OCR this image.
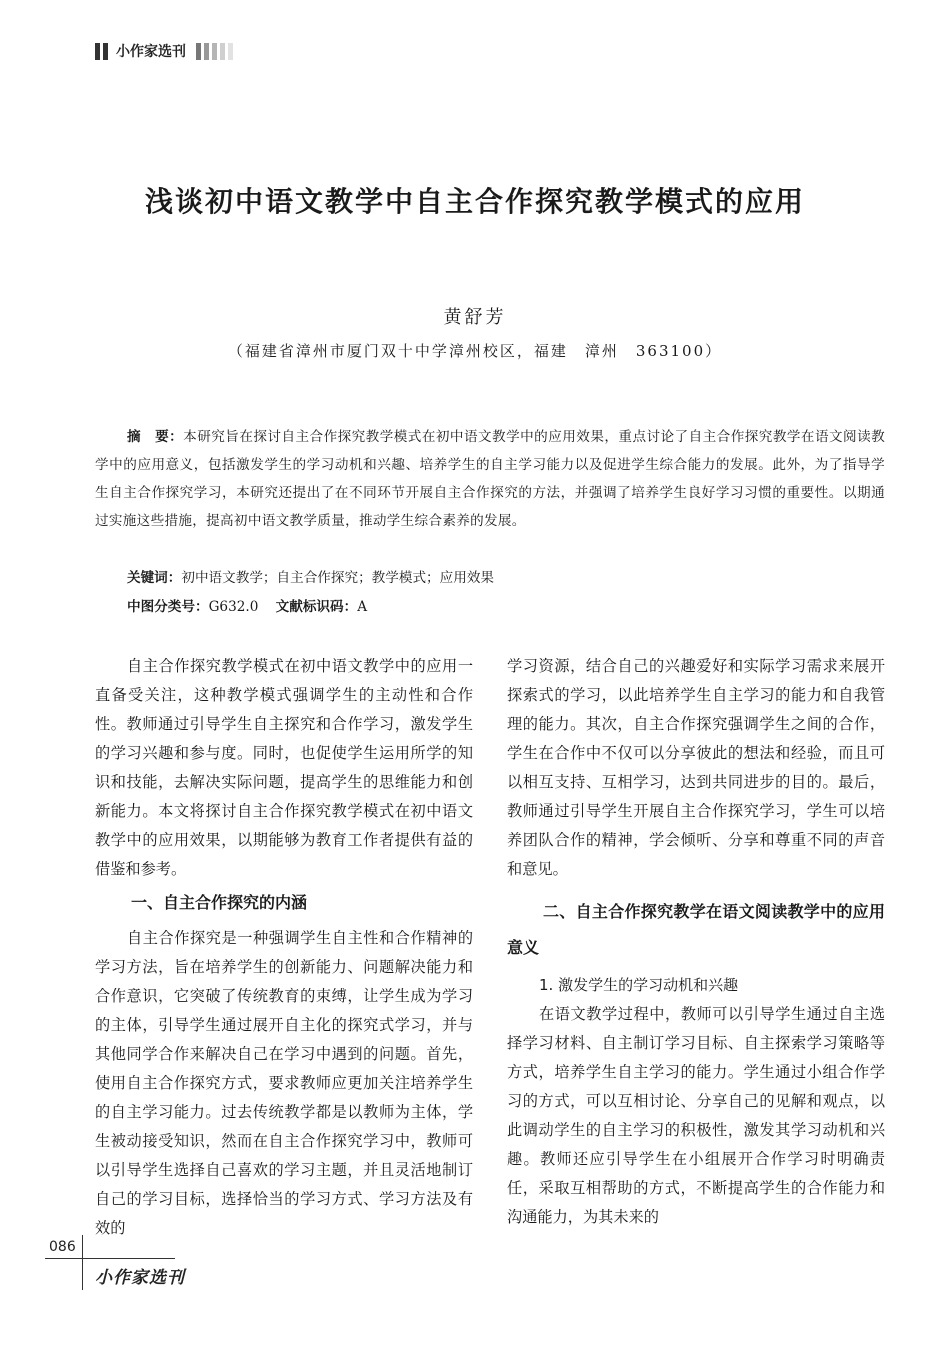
小作家选刊
浅谈初中语文教学中自主合作探究教学模式的应用
黄舒芳
（福建省漳州市厦门双十中学漳州校区，福建　漳州　363100）

摘　要：本研究旨在探讨自主合作探究教学模式在初中语文教学中的应用效果，重点讨论了自主合作探究教学在语文阅读教学中的应用意义，包括激发学生的学习动机和兴趣、培养学生的自主学习能力以及促进学生综合能力的发展。此外，为了指导学生自主合作探究学习，本研究还提出了在不同环节开展自主合作探究的方法，并强调了培养学生良好学习习惯的重要性。以期通过实施这些措施，提高初中语文教学质量，推动学生综合素养的发展。

关键词：初中语文教学；自主合作探究；教学模式；应用效果
中图分类号：G632.0 文献标识码：A

自主合作探究教学模式在初中语文教学中的应用一直备受关注，这种教学模式强调学生的主动性和合作性。教师通过引导学生自主探究和合作学习，激发学生的学习兴趣和参与度。同时，也促使学生运用所学的知识和技能，去解决实际问题，提高学生的思维能力和创新能力。本文将探讨自主合作探究教学模式在初中语文教学中的应用效果，以期能够为教育工作者提供有益的借鉴和参考。

一、自主合作探究的内涵

自主合作探究是一种强调学生自主性和合作精神的学习方法，旨在培养学生的创新能力、问题解决能力和合作意识，它突破了传统教育的束缚，让学生成为学习的主体，引导学生通过展开自主化的探究式学习，并与其他同学合作来解决自己在学习中遇到的问题。首先，使用自主合作探究方式，要求教师应更加关注培养学生的自主学习能力。过去传统教学都是以教师为主体，学生被动接受知识，然而在自主合作探究学习中，教师可以引导学生选择自己喜欢的学习主题，并且灵活地制订自己的学习目标，选择恰当的学习方式、学习方法及有效的

学习资源，结合自己的兴趣爱好和实际学习需求来展开探索式的学习，以此培养学生自主学习的能力和自我管理的能力。其次，自主合作探究强调学生之间的合作，学生在合作中不仅可以分享彼此的想法和经验，而且可以相互支持、互相学习，达到共同进步的目的。最后，教师通过引导学生开展自主合作探究学习，学生可以培养团队合作的精神，学会倾听、分享和尊重不同的声音和意见。

二、自主合作探究教学在语文阅读教学中的应用意义
1. 激发学生的学习动机和兴趣

在语文教学过程中，教师可以引导学生通过自主选择学习材料、自主制订学习目标、自主探索学习策略等方式，培养学生自主学习的能力。学生通过小组合作学习的方式，可以互相讨论、分享自己的见解和观点，以此调动学生的自主学习的积极性，激发其学习动机和兴趣。教师还应引导学生在小组展开合作学习时明确责任，采取互相帮助的方式，不断提高学生的合作能力和沟通能力，为其未来的

086
小作家选刊
